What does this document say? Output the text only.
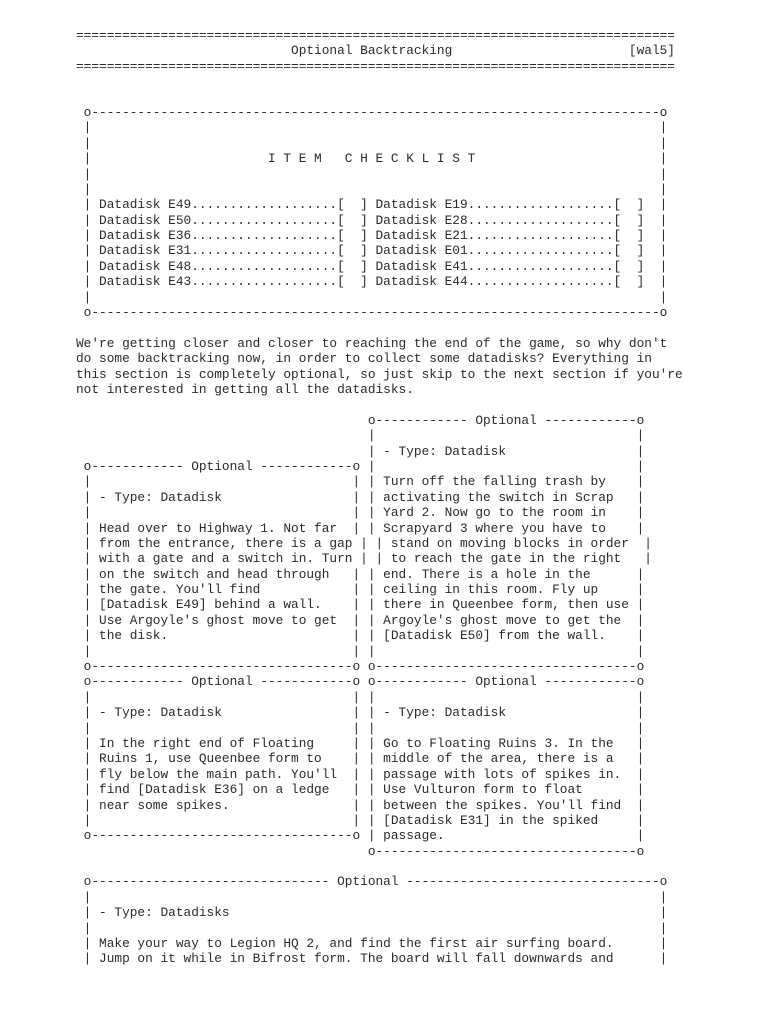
==============================================================================
Optional Backtracking                       [wal5]
==============================================================================
o--------------------------------------------------------------------------o
|                                                                          |
|                                                                          |
|                       I T E M   C H E C K L I S T                        |
|                                                                          |
|                                                                          |
| Datadisk E49...................[  ] Datadisk E19...................[  ]  |
| Datadisk E50...................[  ] Datadisk E28...................[  ]  |
| Datadisk E36...................[  ] Datadisk E21...................[  ]  |
| Datadisk E31...................[  ] Datadisk E01...................[  ]  |
| Datadisk E48...................[  ] Datadisk E41...................[  ]  |
| Datadisk E43...................[  ] Datadisk E44...................[  ]  |
|                                                                          |
o--------------------------------------------------------------------------o
We're getting closer and closer to reaching the end of the game, so why don't
do some backtracking now, in order to collect some datadisks? Everything in
this section is completely optional, so just skip to the next section if you're
not interested in getting all the datadisks.
o------------ Optional ------------o
|                                  |
| - Type: Datadisk                 |
o------------ Optional ------------o |                                  |
|                                  | | Turn off the falling trash by    |
| - Type: Datadisk                 | | activating the switch in Scrap   |
|                                  | | Yard 2. Now go to the room in    |
| Head over to Highway 1. Not far  | | Scrapyard 3 where you have to    |
| from the entrance, there is a gap | | stand on moving blocks in order  |
| with a gate and a switch in. Turn | | to reach the gate in the right   |
| on the switch and head through   | | end. There is a hole in the      |
| the gate. You'll find            | | ceiling in this room. Fly up     |
| [Datadisk E49] behind a wall.    | | there in Queenbee form, then use |
| Use Argoyle's ghost move to get  | | Argoyle's ghost move to get the  |
| the disk.                        | | [Datadisk E50] from the wall.    |
|                                  | |                                  |
o----------------------------------o o----------------------------------o
o------------ Optional ------------o o------------ Optional ------------o
|                                  | |                                  |
| - Type: Datadisk                 | | - Type: Datadisk                 |
|                                  | |                                  |
| In the right end of Floating     | | Go to Floating Ruins 3. In the   |
| Ruins 1, use Queenbee form to    | | middle of the area, there is a   |
| fly below the main path. You'll  | | passage with lots of spikes in.  |
| find [Datadisk E36] on a ledge   | | Use Vulturon form to float       |
| near some spikes.                | | between the spikes. You'll find  |
|                                  | | [Datadisk E31] in the spiked     |
o----------------------------------o | passage.                         |
o----------------------------------o
o------------------------------- Optional ---------------------------------o
|                                                                          |
| - Type: Datadisks                                                        |
|                                                                          |
| Make your way to Legion HQ 2, and find the first air surfing board.      |
| Jump on it while in Bifrost form. The board will fall downwards and      |
